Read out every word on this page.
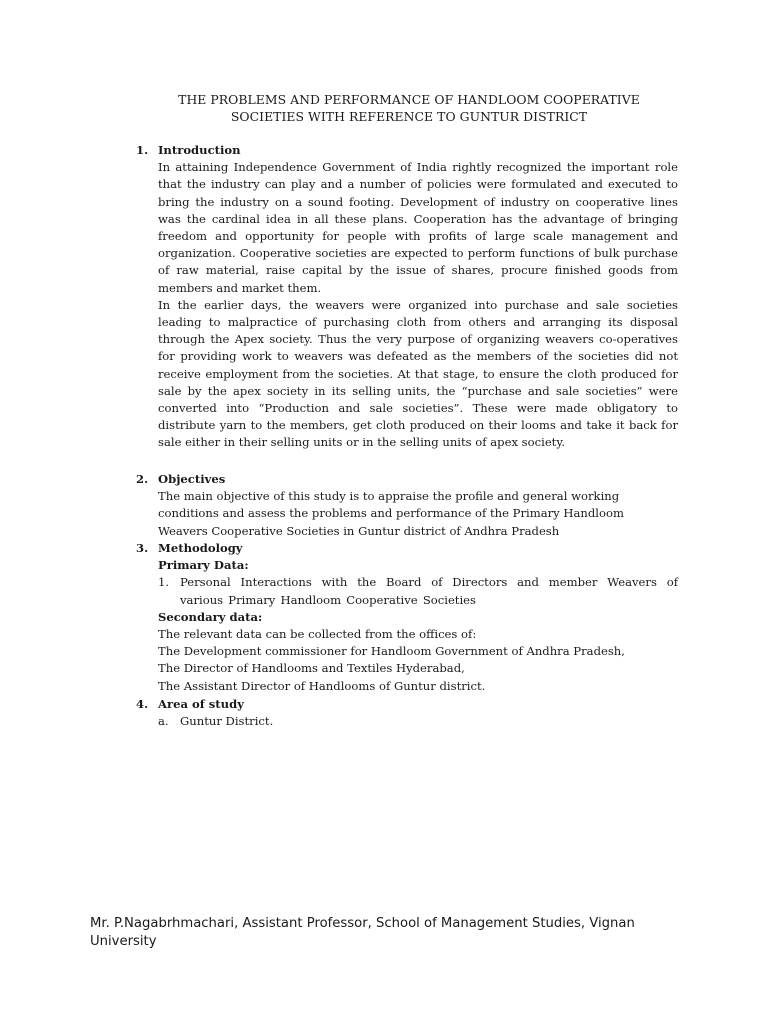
THE PROBLEMS AND PERFORMANCE OF HANDLOOM COOPERATIVE
SOCIETIES WITH REFERENCE TO GUNTUR DISTRICT
1. Introduction

In attaining Independence Government of India rightly recognized the important role that the industry can play and a number of policies were formulated and executed to bring the industry on a sound footing. Development of industry on cooperative lines was the cardinal idea in all these plans. Cooperation has the advantage of bringing freedom and opportunity for people with profits of large scale management and organization. Cooperative societies are expected to perform functions of bulk purchase of raw material, raise capital by the issue of shares, procure finished goods from members and market them.

In the earlier days, the weavers were organized into purchase and sale societies leading to malpractice of purchasing cloth from others and arranging its disposal through the Apex society. Thus the very purpose of organizing weavers co-operatives for providing work to weavers was defeated as the members of the societies did not receive employment from the societies. At that stage, to ensure the cloth produced for sale by the apex society in its selling units, the “purchase and sale societies” were converted into “Production and sale societies”. These were made obligatory to distribute yarn to the members, get cloth produced on their looms and take it back for sale either in their selling units or in the selling units of apex society.

2. Objectives

The main objective of this study is to appraise the profile and general working

conditions and assess the problems and performance of the Primary Handloom

Weavers Cooperative Societies in Guntur district of Andhra Pradesh

3. Methodology

Primary Data:

1. Personal Interactions with the Board of Directors and member Weavers of
various Primary Handloom Cooperative Societies

Secondary data:

The relevant data can be collected from the offices of:

The Development commissioner for Handloom Government of Andhra Pradesh,

The Director of Handlooms and Textiles Hyderabad,

The Assistant Director of Handlooms of Guntur district.

4. Area of study
a. Guntur District.
Mr. P.Nagabrhmachari, Assistant Professor, School of Management Studies, Vignan
University
